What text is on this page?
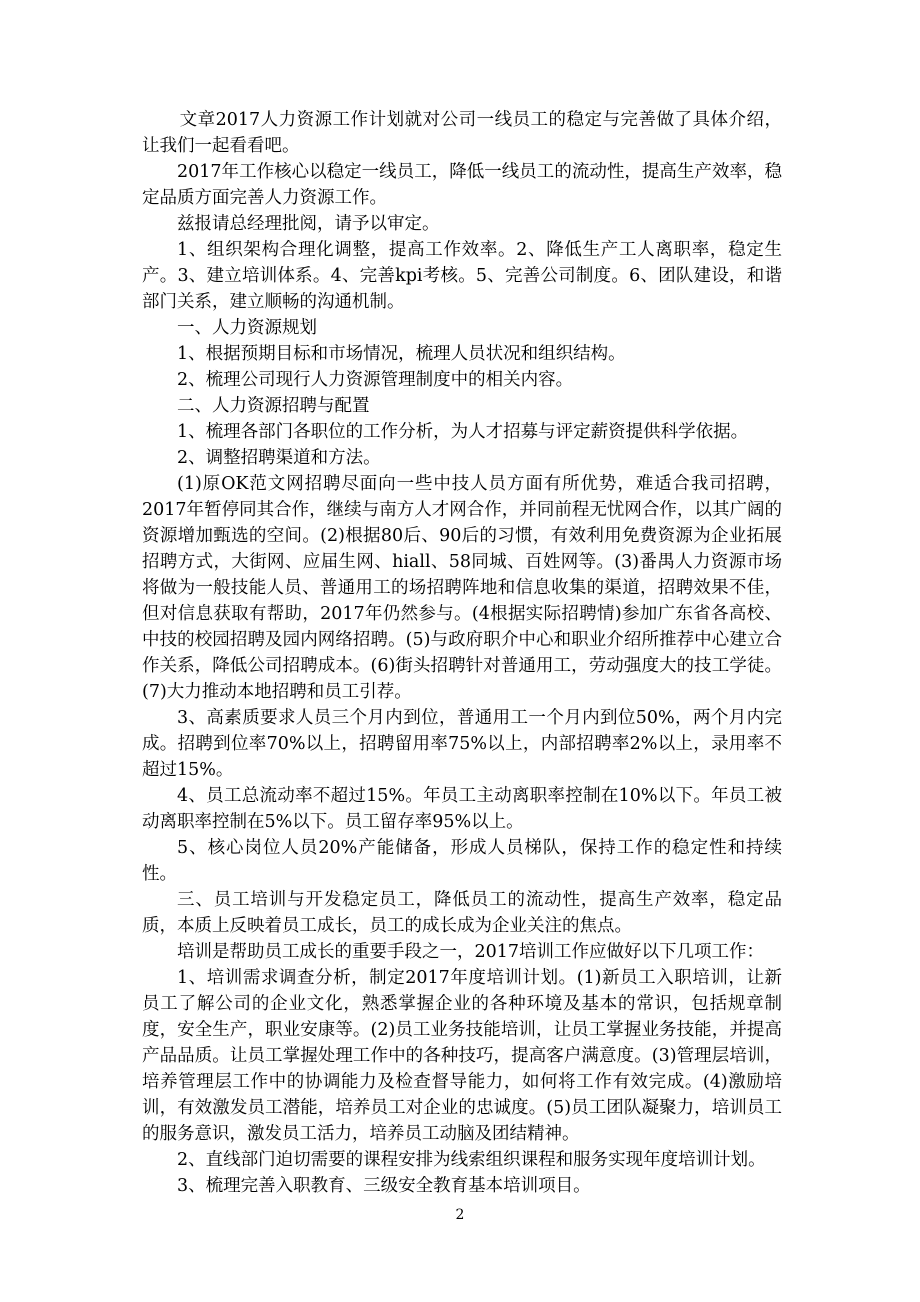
文章2017人力资源工作计划就对公司一线员工的稳定与完善做了具体介绍，让我们一起看看吧。

2017年工作核心以稳定一线员工，降低一线员工的流动性，提高生产效率，稳定品质方面完善人力资源工作。

兹报请总经理批阅，请予以审定。

1、组织架构合理化调整，提高工作效率。2、降低生产工人离职率，稳定生产。3、建立培训体系。4、完善kpi考核。5、完善公司制度。6、团队建设，和谐部门关系，建立顺畅的沟通机制。

一、人力资源规划

1、根据预期目标和市场情况，梳理人员状况和组织结构。

2、梳理公司现行人力资源管理制度中的相关内容。

二、人力资源招聘与配置

1、梳理各部门各职位的工作分析，为人才招募与评定薪资提供科学依据。

2、调整招聘渠道和方法。

(1)原OK范文网招聘尽面向一些中技人员方面有所优势，难适合我司招聘，2017年暂停同其合作，继续与南方人才网合作，并同前程无忧网合作，以其广阔的资源增加甄选的空间。(2)根据80后、90后的习惯，有效利用免费资源为企业拓展招聘方式，大街网、应届生网、hiall、58同城、百姓网等。(3)番禺人力资源市场将做为一般技能人员、普通用工的场招聘阵地和信息收集的渠道，招聘效果不佳，但对信息获取有帮助，2017年仍然参与。(4根据实际招聘情)参加广东省各高校、中技的校园招聘及园内网络招聘。(5)与政府职介中心和职业介绍所推荐中心建立合作关系，降低公司招聘成本。(6)街头招聘针对普通用工，劳动强度大的技工学徒。(7)大力推动本地招聘和员工引荐。

3、高素质要求人员三个月内到位，普通用工一个月内到位50%，两个月内完成。招聘到位率70%以上，招聘留用率75%以上，内部招聘率2%以上，录用率不超过15%。

4、员工总流动率不超过15%。年员工主动离职率控制在10%以下。年员工被动离职率控制在5%以下。员工留存率95%以上。

5、核心岗位人员20%产能储备，形成人员梯队，保持工作的稳定性和持续性。

三、员工培训与开发稳定员工，降低员工的流动性，提高生产效率，稳定品质，本质上反映着员工成长，员工的成长成为企业关注的焦点。

培训是帮助员工成长的重要手段之一，2017培训工作应做好以下几项工作：

1、培训需求调查分析，制定2017年度培训计划。(1)新员工入职培训，让新员工了解公司的企业文化，熟悉掌握企业的各种环境及基本的常识，包括规章制度，安全生产，职业安康等。(2)员工业务技能培训，让员工掌握业务技能，并提高产品品质。让员工掌握处理工作中的各种技巧，提高客户满意度。(3)管理层培训，培养管理层工作中的协调能力及检查督导能力，如何将工作有效完成。(4)激励培训，有效激发员工潜能，培养员工对企业的忠诚度。(5)员工团队凝聚力，培训员工的服务意识，激发员工活力，培养员工动脑及团结精神。

2、直线部门迫切需要的课程安排为线索组织课程和服务实现年度培训计划。

3、梳理完善入职教育、三级安全教育基本培训项目。

2
